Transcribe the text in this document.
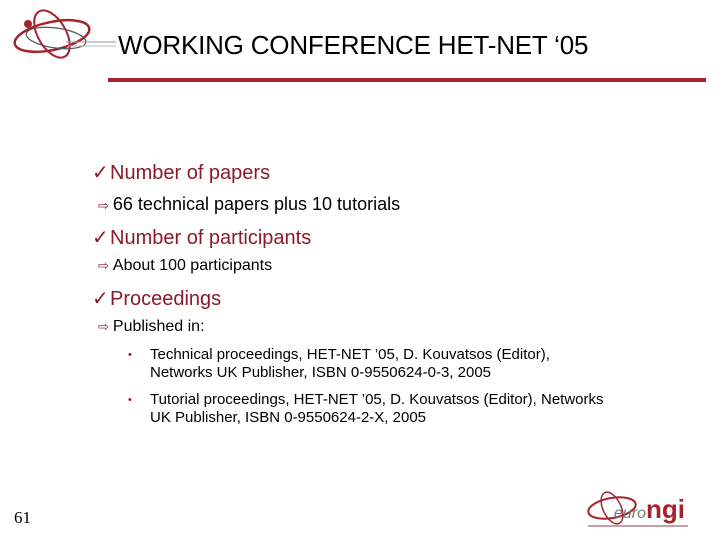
WORKING CONFERENCE HET-NET ‘05
✓Number of papers
⇨ 66 technical papers plus 10 tutorials
✓Number of participants
⇨ About 100 participants
✓Proceedings
⇨ Published in:
• Technical proceedings, HET-NET ’05, D. Kouvatsos (Editor),
Networks UK Publisher, ISBN 0-9550624-0-3, 2005
• Tutorial proceedings, HET-NET ’05, D. Kouvatsos (Editor), Networks
UK Publisher, ISBN 0-9550624-2-X, 2005
61	euro ngi
